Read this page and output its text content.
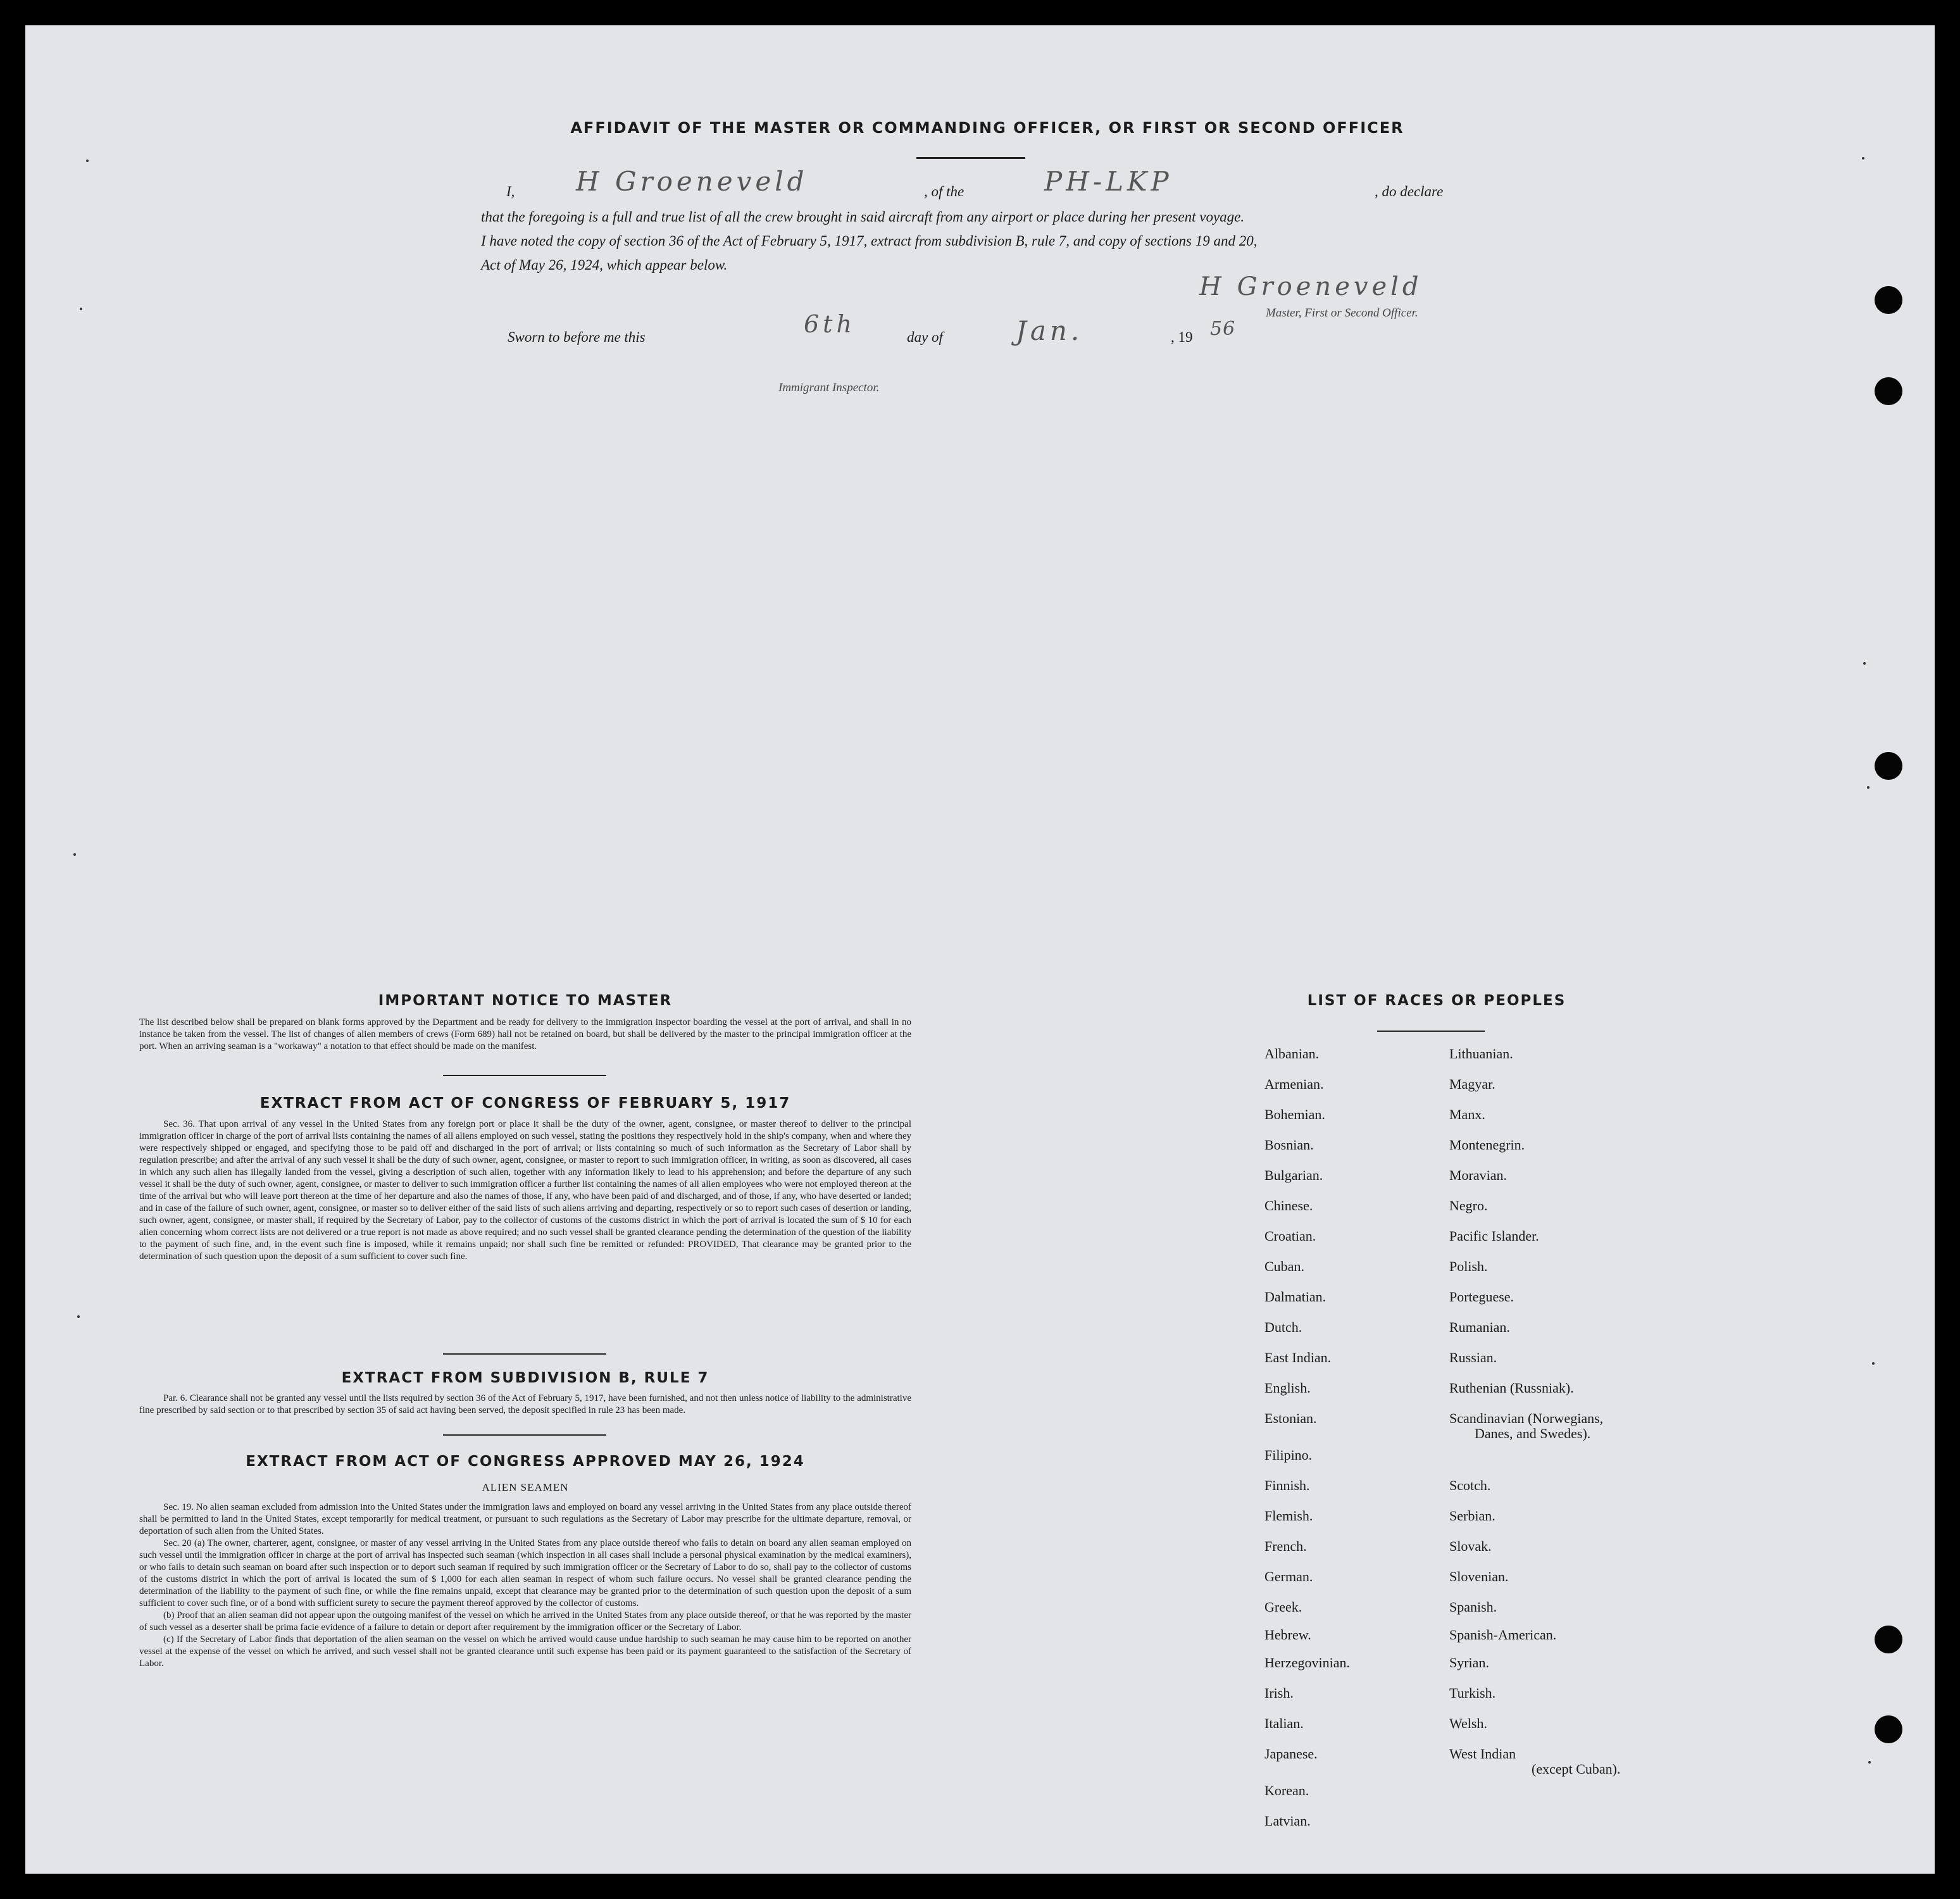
AFFIDAVIT OF THE MASTER OR COMMANDING OFFICER, OR FIRST OR SECOND OFFICER
I, H Groeneveld	, of the	PH-LKP	, do declare
that the foregoing is a full and true list of all the crew brought in said aircraft from any airport or place during her present voyage.
I have noted the copy of section 36 of the Act of February 5, 1917, extract from subdivision B, rule 7, and copy of sections 19 and 20,
Act of May 26, 1924, which appear below.
H Groeneveld
Master, First or Second Officer.
Sworn to before me this	6th	day of	Jan.	, 19 56
Immigrant Inspector.
IMPORTANT NOTICE TO MASTER

The list described below shall be prepared on blank forms approved by the Department and be ready for delivery to the immigration inspector boarding the vessel at the port of arrival, and shall in no instance be taken from the vessel. The list of changes of alien members of crews (Form 689) hall not be retained on board, but shall be delivered by the master to the principal immigration officer at the port. When an arriving seaman is a "workaway" a notation to that effect should be made on the manifest.

EXTRACT FROM ACT OF CONGRESS OF FEBRUARY 5, 1917

Sec. 36. That upon arrival of any vessel in the United States from any foreign port or place it shall be the duty of the owner, agent, consignee, or master thereof to deliver to the principal immigration officer in charge of the port of arrival lists containing the names of all aliens employed on such vessel, stating the positions they respectively hold in the ship's company, when and where they were respectively shipped or engaged, and specifying those to be paid off and discharged in the port of arrival; or lists containing so much of such information as the Secretary of Labor shall by regulation prescribe; and after the arrival of any such vessel it shall be the duty of such owner, agent, consignee, or master to report to such immigration officer, in writing, as soon as discovered, all cases in which any such alien has illegally landed from the vessel, giving a description of such alien, together with any information likely to lead to his apprehension; and before the departure of any such vessel it shall be the duty of such owner, agent, consignee, or master to deliver to such immigration officer a further list containing the names of all alien employees who were not employed thereon at the time of the arrival but who will leave port thereon at the time of her departure and also the names of those, if any, who have been paid of and discharged, and of those, if any, who have deserted or landed; and in case of the failure of such owner, agent, consignee, or master so to deliver either of the said lists of such aliens arriving and departing, respectively or so to report such cases of desertion or landing, such owner, agent, consignee, or master shall, if required by the Secretary of Labor, pay to the collector of customs of the customs district in which the port of arrival is located the sum of $ 10 for each alien concerning whom correct lists are not delivered or a true report is not made as above required; and no such vessel shall be granted clearance pending the determination of the question of the liability to the payment of such fine, and, in the event such fine is imposed, while it remains unpaid; nor shall such fine be remitted or refunded: PROVIDED, That clearance may be granted prior to the determination of such question upon the deposit of a sum sufficient to cover such fine.

EXTRACT FROM SUBDIVISION B, RULE 7

Par. 6. Clearance shall not be granted any vessel until the lists required by section 36 of the Act of February 5, 1917, have been furnished, and not then unless notice of liability to the administrative fine prescribed by said section or to that prescribed by section 35 of said act having been served, the deposit specified in rule 23 has been made.

EXTRACT FROM ACT OF CONGRESS APPROVED MAY 26, 1924
ALIEN SEAMEN

Sec. 19. No alien seaman excluded from admission into the United States under the immigration laws and employed on board any vessel arriving in the United States from any place outside thereof shall be permitted to land in the United States, except temporarily for medical treatment, or pursuant to such regulations as the Secretary of Labor may prescribe for the ultimate departure, removal, or deportation of such alien from the United States.

Sec. 20 (a) The owner, charterer, agent, consignee, or master of any vessel arriving in the United States from any place outside thereof who fails to detain on board any alien seaman employed on such vessel until the immigration officer in charge at the port of arrival has inspected such seaman (which inspection in all cases shall include a personal physical examination by the medical examiners), or who fails to detain such seaman on board after such inspection or to deport such seaman if required by such immigration officer or the Secretary of Labor to do so, shall pay to the collector of customs of the customs district in which the port of arrival is located the sum of $ 1,000 for each alien seaman in respect of whom such failure occurs. No vessel shall be granted clearance pending the determination of the liability to the payment of such fine, or while the fine remains unpaid, except that clearance may be granted prior to the determination of such question upon the deposit of a sum sufficient to cover such fine, or of a bond with sufficient surety to secure the payment thereof approved by the collector of customs.

(b) Proof that an alien seaman did not appear upon the outgoing manifest of the vessel on which he arrived in the United States from any place outside thereof, or that he was reported by the master of such vessel as a deserter shall be prima facie evidence of a failure to detain or deport after requirement by the immigration officer or the Secretary of Labor.

(c) If the Secretary of Labor finds that deportation of the alien seaman on the vessel on which he arrived would cause undue hardship to such seaman he may cause him to be reported on another vessel at the expense of the vessel on which he arrived, and such vessel shall not be granted clearance until such expense has been paid or its payment guaranteed to the satisfaction of the Secretary of Labor.

LIST OF RACES OR PEOPLES
Albanian.
Armenian.
Bohemian.
Bosnian.
Bulgarian.
Chinese.
Croatian.
Cuban.
Dalmatian.
Dutch.
East Indian.
English.
Estonian.
Filipino.
Finnish.
Flemish.
French.
German.
Greek.
Hebrew.
Herzegovinian.
Irish.
Italian.
Japanese.
Korean.
Latvian.
Lithuanian.
Magyar.
Manx.
Montenegrin.
Moravian.
Negro.
Pacific Islander.
Polish.
Porteguese.
Rumanian.
Russian.
Ruthenian (Russniak).
Scandinavian (Norwegians,
Danes, and Swedes).
Scotch.
Serbian.
Slovak.
Slovenian.
Spanish.
Spanish-American.
Syrian.
Turkish.
Welsh.
West Indian
(except Cuban).
